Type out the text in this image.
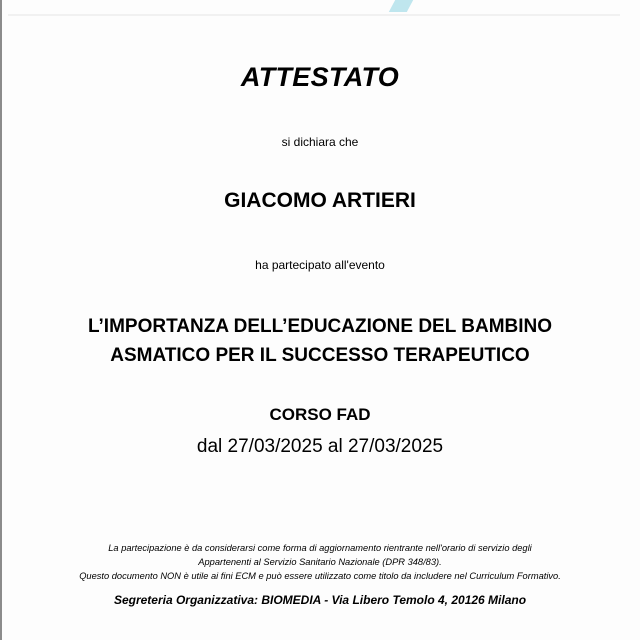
ATTESTATO
si dichiara che
GIACOMO ARTIERI
ha partecipato all'evento
L’IMPORTANZA DELL’EDUCAZIONE DEL BAMBINO
ASMATICO PER IL SUCCESSO TERAPEUTICO
CORSO FAD
dal 27/03/2025 al 27/03/2025
La partecipazione è da considerarsi come forma di aggiornamento rientrante nell'orario di servizio degli
Appartenenti al Servizio Sanitario Nazionale (DPR 348/83).
Questo documento NON è utile ai fini ECM e può essere utilizzato come titolo da includere nel Curriculum Formativo.
Segreteria Organizzativa: BIOMEDIA - Via Libero Temolo 4, 20126 Milano
